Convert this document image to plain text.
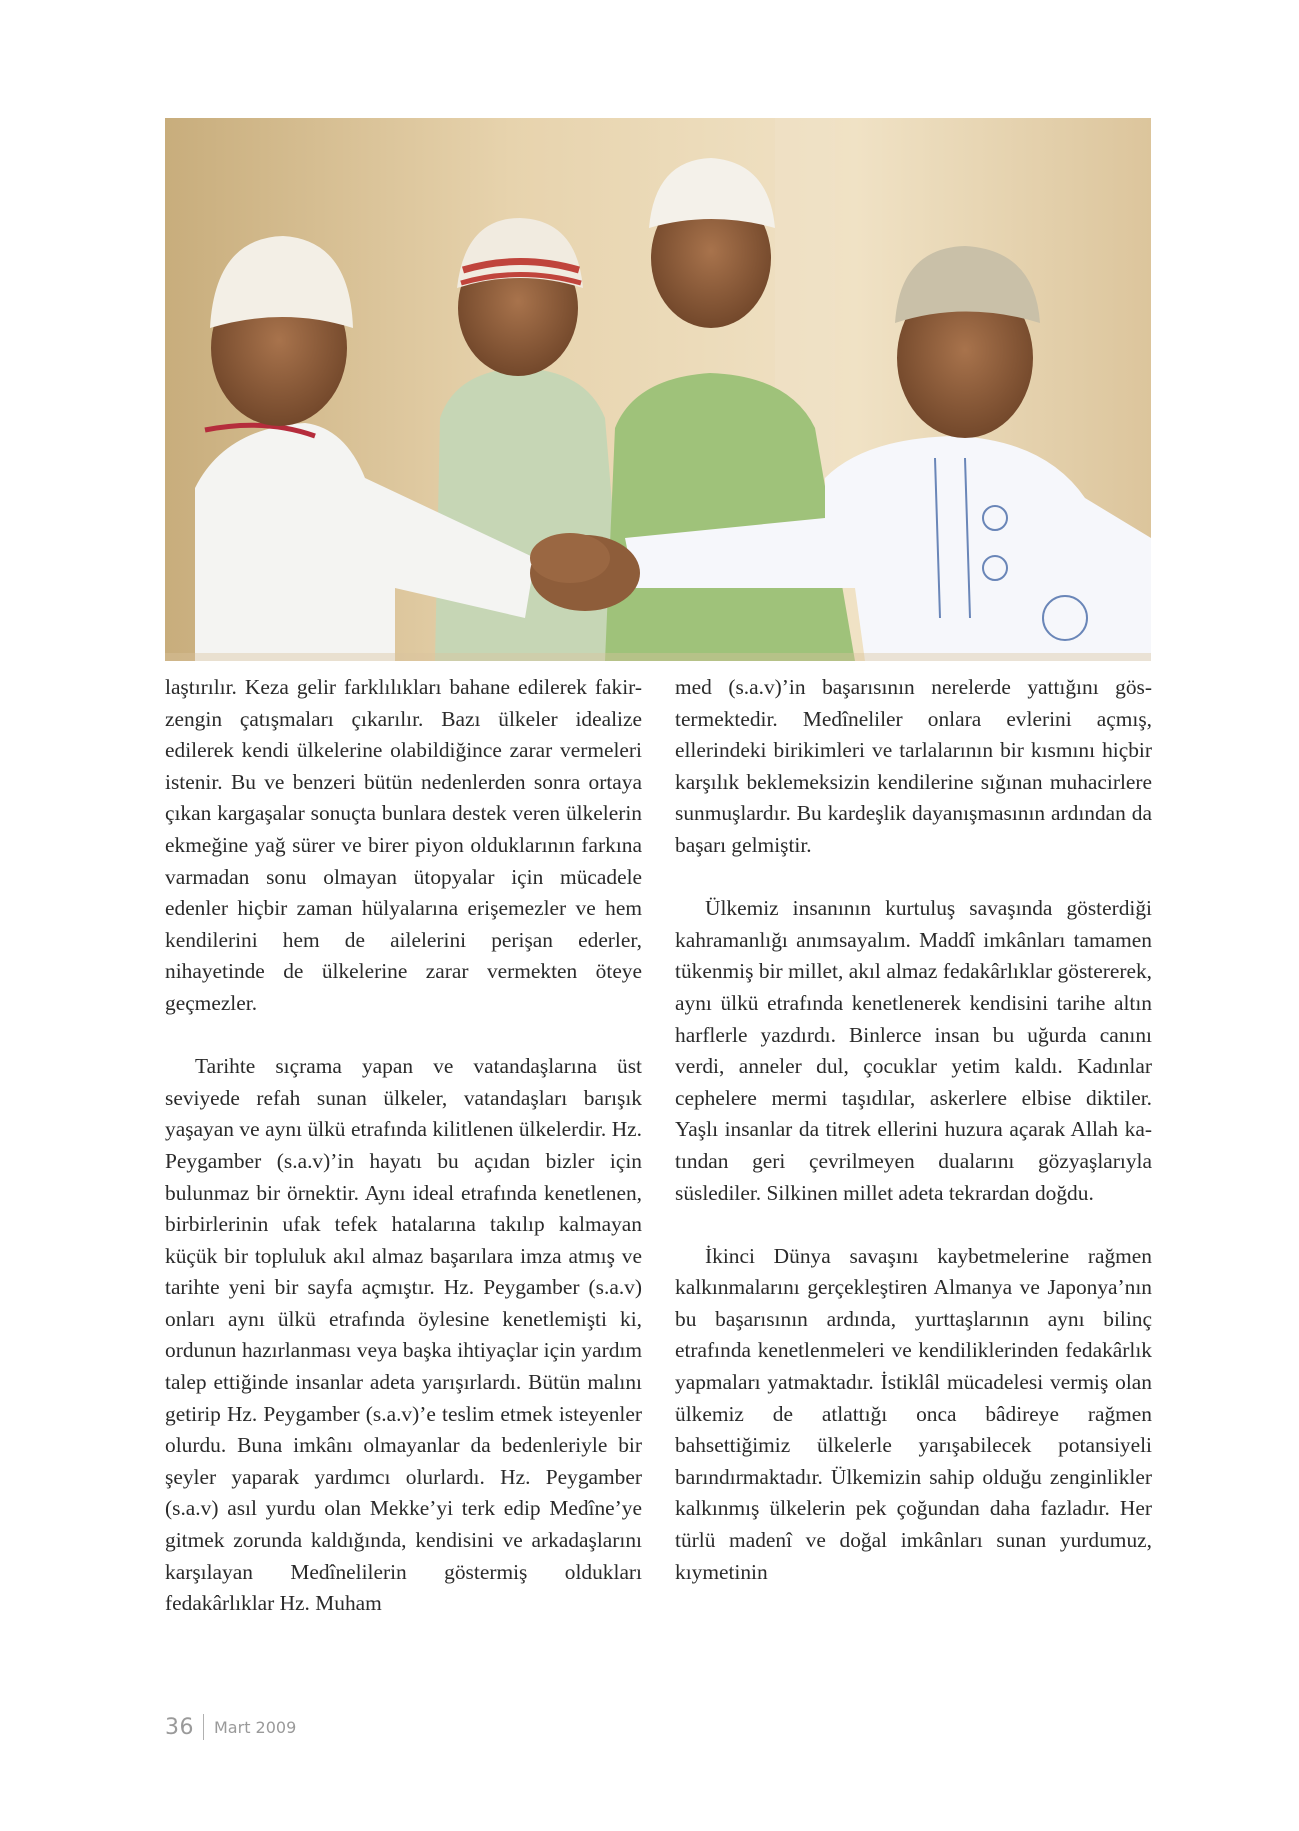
laştırılır. Keza gelir farklılıkları bahane edilerek fakir-zengin çatışmaları çıkarılır. Bazı ülkeler idealize edilerek kendi ülkelerine olabildiğince zarar vermeleri istenir. Bu ve benzeri bütün nedenlerden sonra ortaya çıkan kargaşalar sonuçta bunlara destek veren ülkelerin ekmeğine yağ sürer ve birer piyon olduklarının farkına varmadan sonu olmayan ütopyalar için mücadele edenler hiçbir zaman hülyalarına erişemezler ve hem kendilerini hem de ailelerini perişan ederler, nihayetinde de ülkelerine zarar vermekten öteye geçmezler.

Tarihte sıçrama yapan ve vatandaşlarına üst seviyede refah sunan ülkeler, vatandaşları barışık yaşayan ve aynı ülkü etrafında kilitlenen ülkelerdir. Hz. Peygamber (s.a.v)’in hayatı bu açıdan bizler için bulunmaz bir örnektir. Aynı ideal etrafında kenetlenen, birbirlerinin ufak tefek hatalarına takılıp kalmayan küçük bir topluluk akıl almaz başarılara imza atmış ve tarihte yeni bir sayfa açmıştır. Hz. Peygamber (s.a.v) onları aynı ülkü etrafında öylesine kenetlemişti ki, ordunun hazırlanması veya başka ihtiyaçlar için yardım talep ettiğinde insanlar adeta yarışırlardı. Bütün malını getirip Hz. Peygamber (s.a.v)’e teslim etmek isteyenler olurdu. Buna imkânı olmayanlar da bedenleriyle bir şeyler yaparak yardımcı olurlardı. Hz. Peygamber (s.a.v) asıl yurdu olan Mekke’yi terk edip Medîne’ye gitmek zorunda kaldığında, kendisini ve arkadaşlarını karşılayan Medînelilerin göstermiş oldukları fedakârlıklar Hz. Muham

med (s.a.v)’in başarısının nerelerde yattığını göstermektedir. Medîneliler onlara evlerini açmış, ellerindeki birikimleri ve tarlalarının bir kısmını hiçbir karşılık beklemeksizin kendilerine sığınan muhacirlere sunmuşlardır. Bu kardeşlik dayanışmasının ardından da başarı gelmiştir.

Ülkemiz insanının kurtuluş savaşında gösterdiği kahramanlığı anımsayalım. Maddî imkânları tamamen tükenmiş bir millet, akıl almaz fedakârlıklar göstererek, aynı ülkü etrafında kenetlenerek kendisini tarihe altın harflerle yazdırdı. Binlerce insan bu uğurda canını verdi, anneler dul, çocuklar yetim kaldı. Kadınlar cephelere mermi taşıdılar, askerlere elbise diktiler. Yaşlı insanlar da titrek ellerini huzura açarak Allah katından geri çevrilmeyen dualarını gözyaşlarıyla süslediler. Silkinen millet adeta tekrardan doğdu.

İkinci Dünya savaşını kaybetmelerine rağmen kalkınmalarını gerçekleştiren Almanya ve Japonya’nın bu başarısının ardında, yurttaşlarının aynı bilinç etrafında kenetlenmeleri ve kendiliklerinden fedakârlık yapmaları yatmaktadır. İstiklâl mücadelesi vermiş olan ülkemiz de atlattığı onca bâdireye rağmen bahsettiğimiz ülkelerle yarışabilecek potansiyeli barındırmaktadır. Ülkemizin sahip olduğu zenginlikler kalkınmış ülkelerin pek çoğundan daha fazladır. Her türlü madenî ve doğal imkânları sunan yurdumuz, kıymetinin

36 Mart 2009
